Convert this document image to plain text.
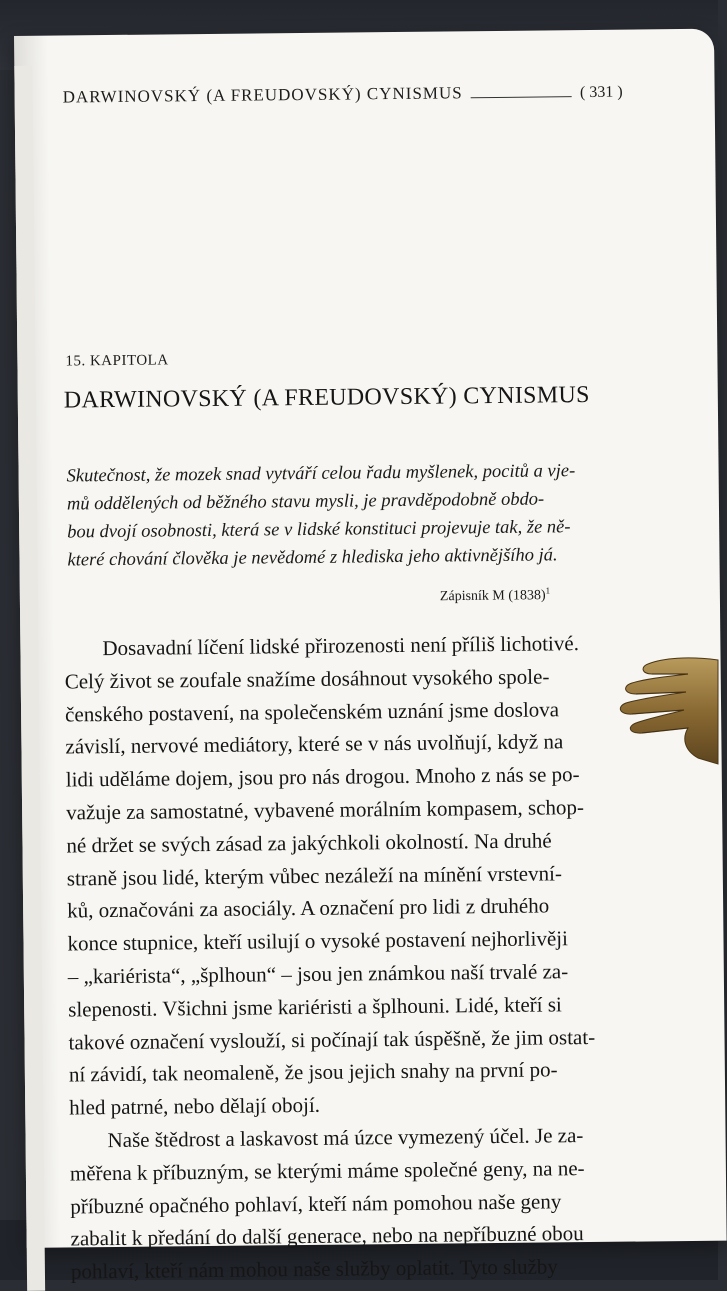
DARWINOVSKÝ (A FREUDOVSKÝ) CYNISMUS	( 331 )
15. KAPITOLA
DARWINOVSKÝ (A FREUDOVSKÝ) CYNISMUS
Skutečnost, že mozek snad vytváří celou řadu myšlenek, pocitů a vje-
mů oddělených od běžného stavu mysli, je pravděpodobně obdo-
bou dvojí osobnosti, která se v lidské konstituci projevuje tak, že ně-
které chování člověka je nevědomé z hlediska jeho aktivnějšího já.
Zápisník M $(1838)^1$
Dosavadní líčení lidské přirozenosti není příliš lichotivé.
Celý život se zoufale snažíme dosáhnout vysokého spole-
čenského postavení, na společenském uznání jsme doslova
závislí, nervové mediátory, které se v nás uvolňují, když na
lidi uděláme dojem, jsou pro nás drogou. Mnoho z nás se po-
važuje za samostatné, vybavené morálním kompasem, schop-
né držet se svých zásad za jakýchkoli okolností. Na druhé
straně jsou lidé, kterým vůbec nezáleží na mínění vrstevní-
ků, označováni za asociály. A označení pro lidi z druhého
konce stupnice, kteří usilují o vysoké postavení nejhorlivěji
– „kariérista“, „šplhoun“ – jsou jen známkou naší trvalé za-
slepenosti. Všichni jsme kariéristi a šplhouni. Lidé, kteří si
takové označení vyslouží, si počínají tak úspěšně, že jim ostat-
ní závidí, tak neomaleně, že jsou jejich snahy na první po-
hled patrné, nebo dělají obojí.
Naše štědrost a laskavost má úzce vymezený účel. Je za-
měřena k příbuzným, se kterými máme společné geny, na ne-
příbuzné opačného pohlaví, kteří nám pomohou naše geny
zabalit k předání do další generace, nebo na nepříbuzné obou
pohlaví, kteří nám mohou naše služby oplatit. Tyto služby
